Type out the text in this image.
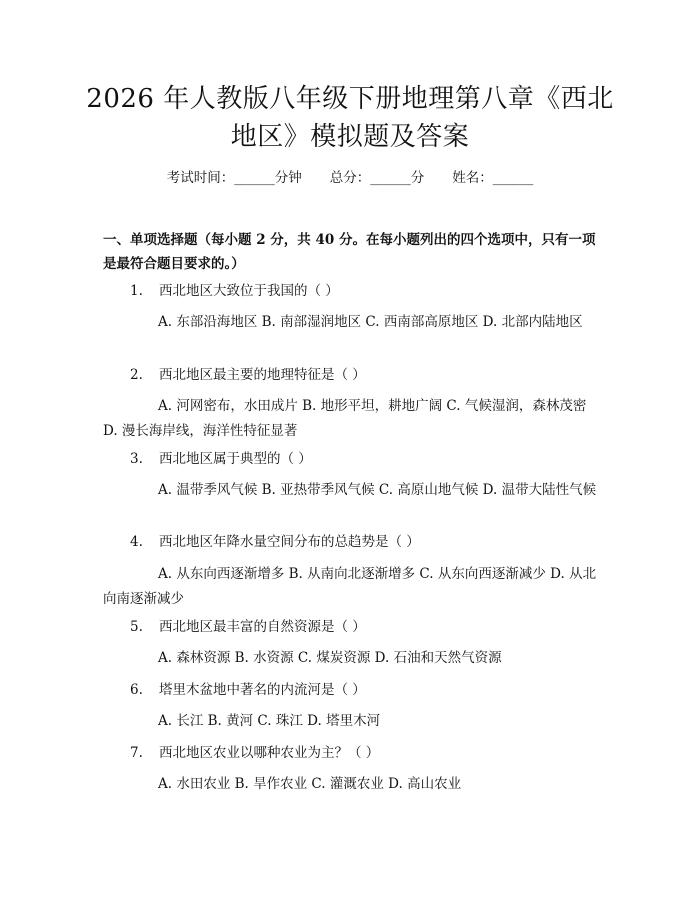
2026 年人教版八年级下册地理第八章《西北地区》模拟题及答案
考试时间：______分钟 总分：______分 姓名：______
一、单项选择题（每小题 2 分，共 40 分。在每小题列出的四个选项中，只有一项是最符合题目要求的。）
1. 西北地区大致位于我国的（ ）
A. 东部沿海地区 B. 南部湿润地区 C. 西南部高原地区 D. 北部内陆地区
2. 西北地区最主要的地理特征是（ ）
A. 河网密布，水田成片 B. 地形平坦，耕地广阔 C. 气候湿润，森林茂密 D. 漫长海岸线，海洋性特征显著
3. 西北地区属于典型的（ ）
A. 温带季风气候 B. 亚热带季风气候 C. 高原山地气候 D. 温带大陆性气候
4. 西北地区年降水量空间分布的总趋势是（ ）
A. 从东向西逐渐增多 B. 从南向北逐渐增多 C. 从东向西逐渐减少 D. 从北向南逐渐减少
5. 西北地区最丰富的自然资源是（ ）
A. 森林资源 B. 水资源 C. 煤炭资源 D. 石油和天然气资源
6. 塔里木盆地中著名的内流河是（ ）
A. 长江 B. 黄河 C. 珠江 D. 塔里木河
7. 西北地区农业以哪种农业为主？（ ）
A. 水田农业 B. 旱作农业 C. 灌溉农业 D. 高山农业
